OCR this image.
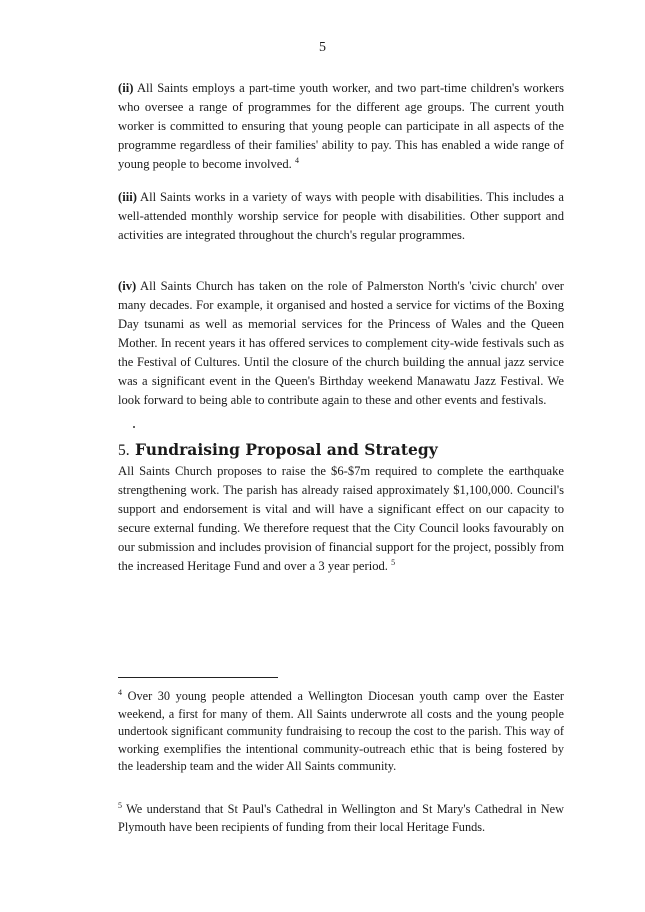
5

(ii) All Saints employs a part-time youth worker, and two part-time children's workers who oversee a range of programmes for the different age groups. The current youth worker is committed to ensuring that young people can participate in all aspects of the programme regardless of their families' ability to pay. This has enabled a wide range of young people to become involved. $^4$

(iii) All Saints works in a variety of ways with people with disabilities. This includes a well-attended monthly worship service for people with disabilities. Other support and activities are integrated throughout the church's regular programmes.

(iv) All Saints Church has taken on the role of Palmerston North's 'civic church' over many decades. For example, it organised and hosted a service for victims of the Boxing Day tsunami as well as memorial services for the Princess of Wales and the Queen Mother. In recent years it has offered services to complement city-wide festivals such as the Festival of Cultures. Until the closure of the church building the annual jazz service was a significant event in the Queen's Birthday weekend Manawatu Jazz Festival. We look forward to being able to contribute again to these and other events and festivals.

5. Fundraising Proposal and Strategy

All Saints Church proposes to raise the $6-$7m required to complete the earthquake strengthening work. The parish has already raised approximately $1,100,000. Council's support and endorsement is vital and will have a significant effect on our capacity to secure external funding. We therefore request that the City Council looks favourably on our submission and includes provision of financial support for the project, possibly from the increased Heritage Fund and over a 3 year period. $^5$

$^4$ Over 30 young people attended a Wellington Diocesan youth camp over the Easter weekend, a first for many of them. All Saints underwrote all costs and the young people undertook significant community fundraising to recoup the cost to the parish. This way of working exemplifies the intentional community-outreach ethic that is being fostered by the leadership team and the wider All Saints community.

$^5$ We understand that St Paul's Cathedral in Wellington and St Mary's Cathedral in New Plymouth have been recipients of funding from their local Heritage Funds.
